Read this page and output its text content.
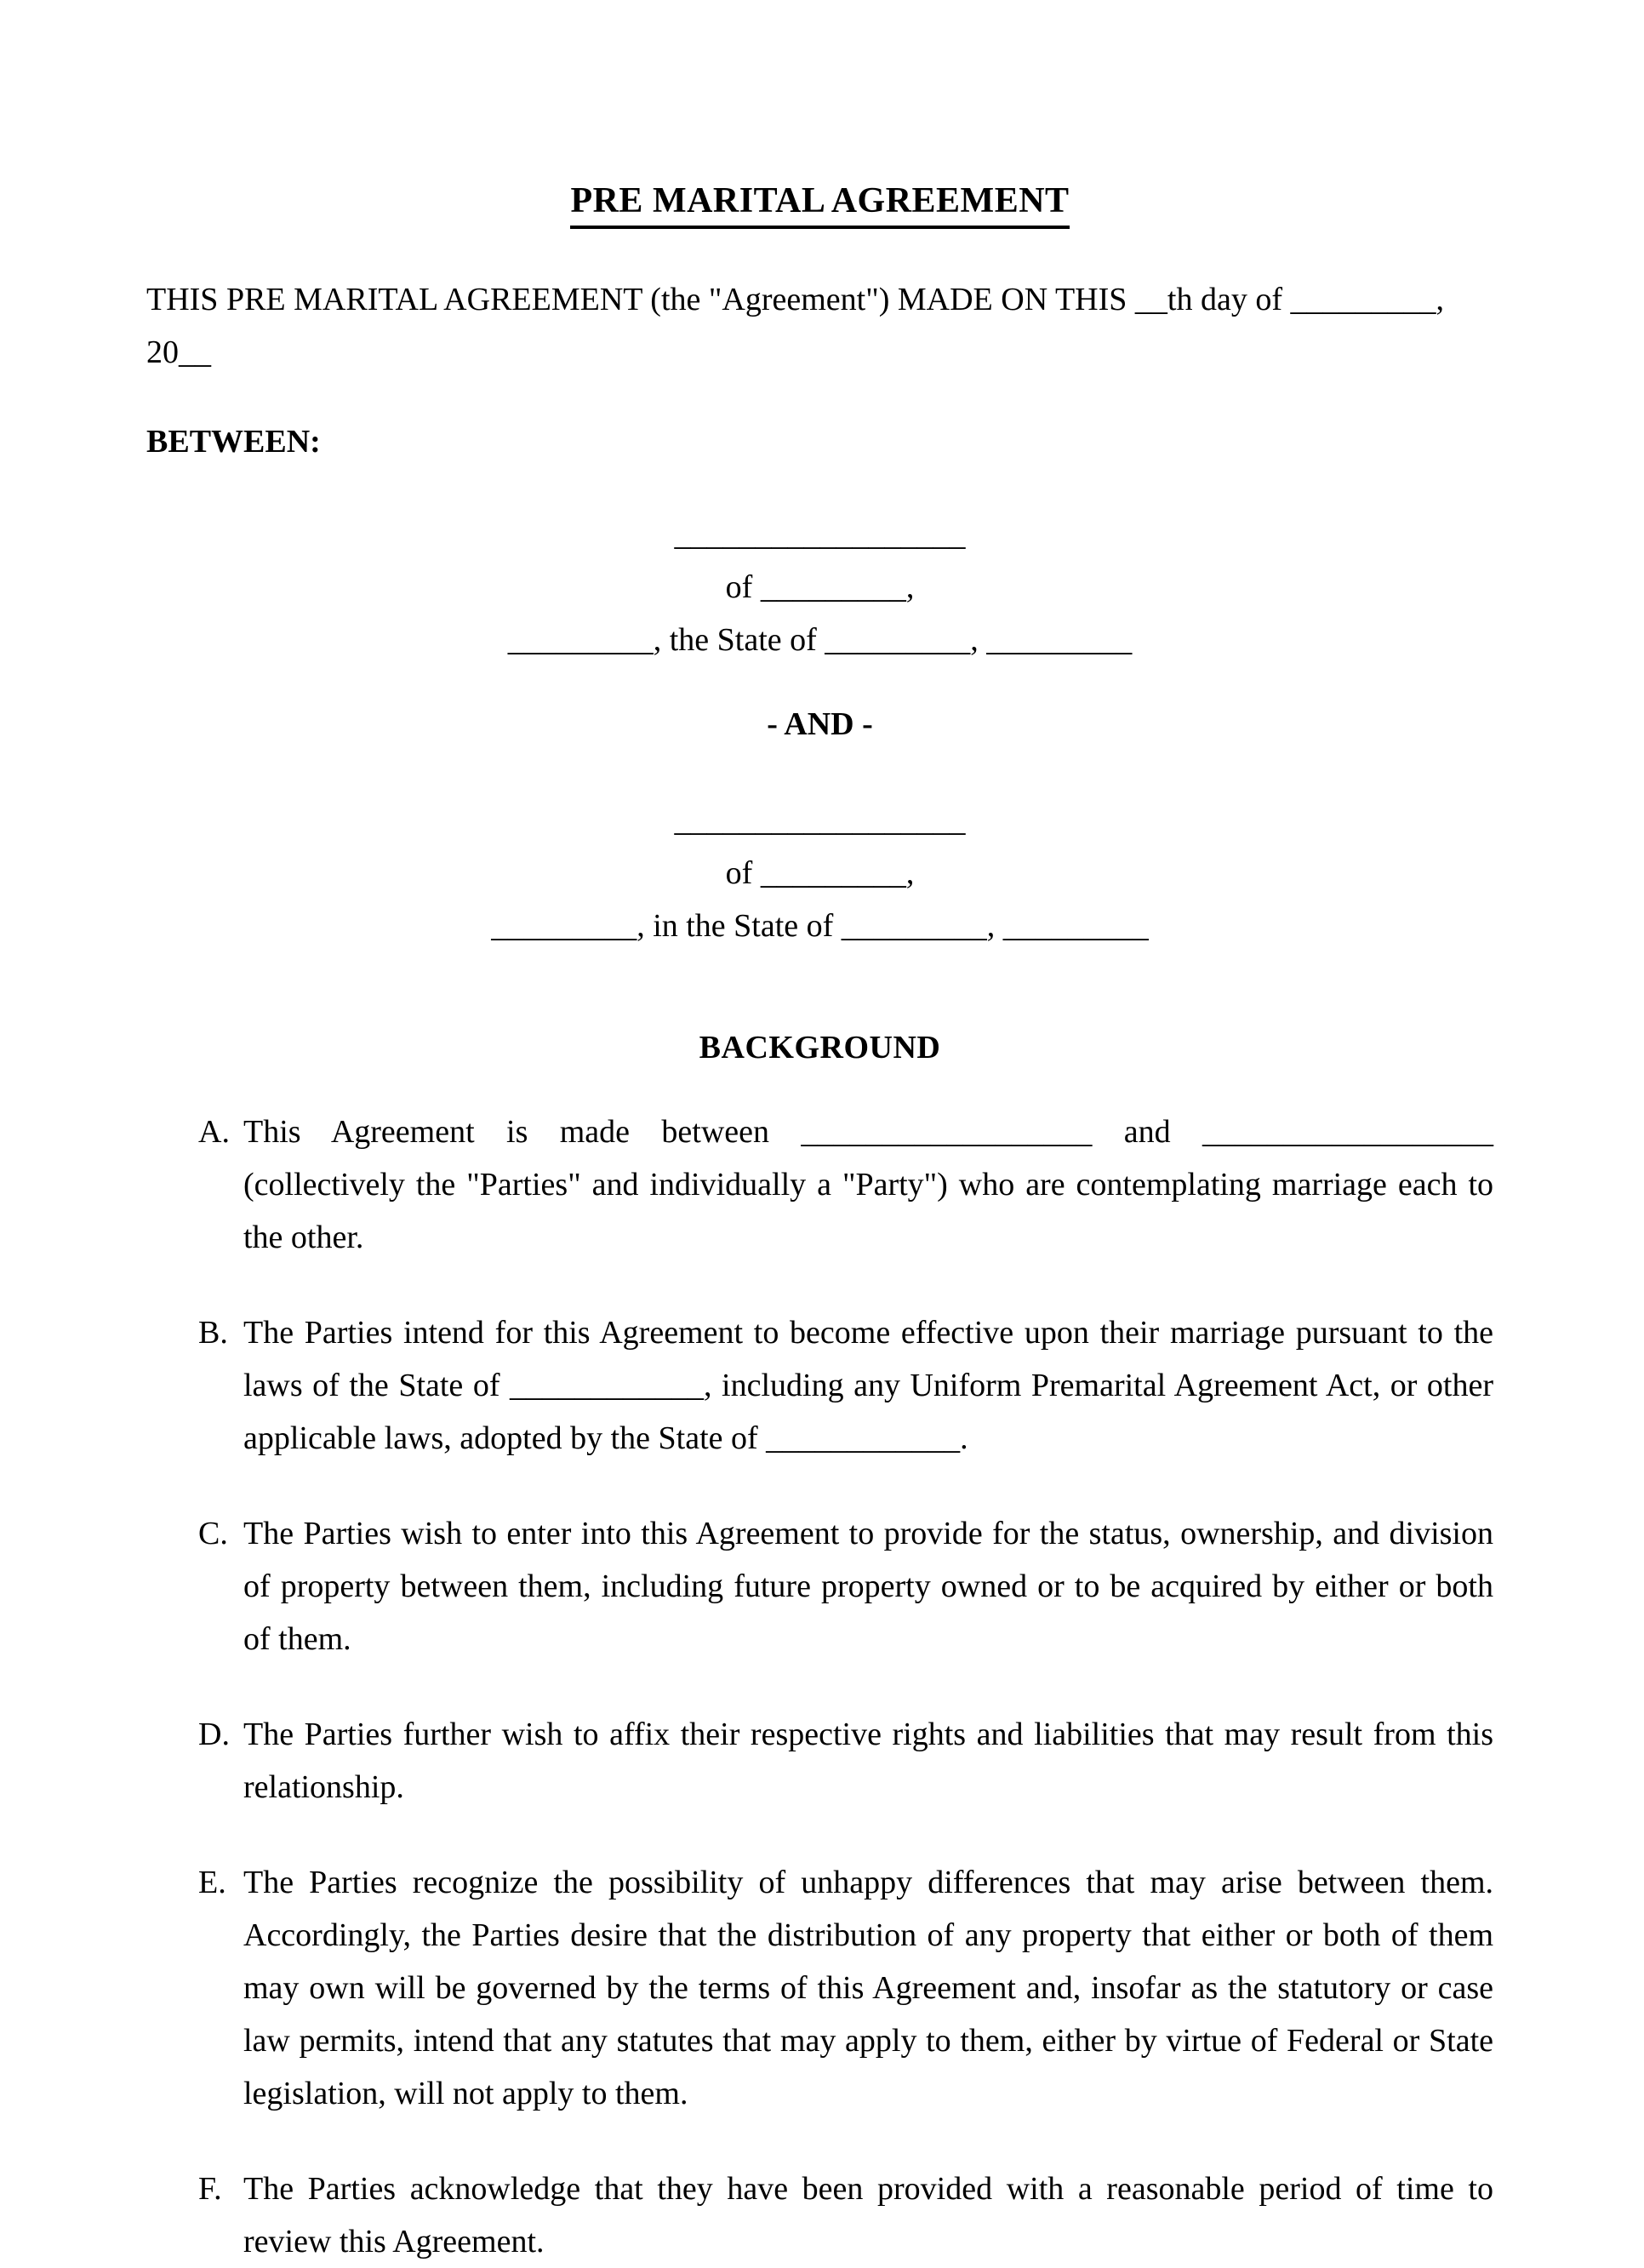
PRE MARITAL AGREEMENT

THIS PRE MARITAL AGREEMENT (the "Agreement") MADE ON THIS __th day of _________, 20__

BETWEEN:

__________________
of _________,
_________, the State of _________, _________
- AND -
__________________
of _________,
_________, in the State of _________, _________
BACKGROUND
A. This Agreement is made between __________________ and __________________ (collectively the "Parties" and individually a "Party") who are contemplating marriage each to the other.
B. The Parties intend for this Agreement to become effective upon their marriage pursuant to the laws of the State of ____________, including any Uniform Premarital Agreement Act, or other applicable laws, adopted by the State of ____________.
C. The Parties wish to enter into this Agreement to provide for the status, ownership, and division of property between them, including future property owned or to be acquired by either or both of them.
D. The Parties further wish to affix their respective rights and liabilities that may result from this relationship.
E. The Parties recognize the possibility of unhappy differences that may arise between them. Accordingly, the Parties desire that the distribution of any property that either or both of them may own will be governed by the terms of this Agreement and, insofar as the statutory or case law permits, intend that any statutes that may apply to them, either by virtue of Federal or State legislation, will not apply to them.
F. The Parties acknowledge that they have been provided with a reasonable period of time to review this Agreement.
